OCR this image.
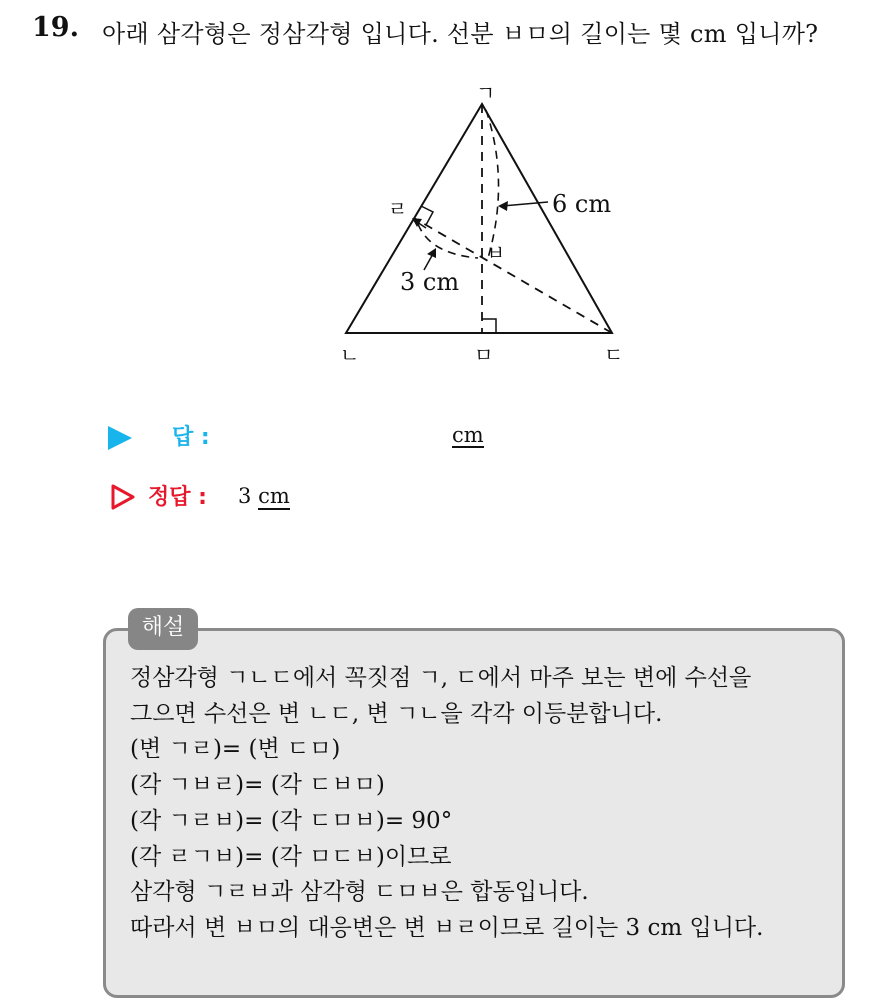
19. 아래 삼각형은 정삼각형 입니다. 선분 ㅂㅁ의 길이는 몇 cm 입니까?
ㄱ
ㄴ	ㄷ
ㄹ
ㅁ
ㅂ
6 cm
3 cm
답 :	cm
정답 : 3 cm
해설
정삼각형 ㄱㄴㄷ에서 꼭짓점 ㄱ, ㄷ에서 마주 보는 변에 수선을
그으면 수선은 변 ㄴㄷ, 변 ㄱㄴ을 각각 이등분합니다.
(변 ㄱㄹ)= (변 ㄷㅁ)
(각 ㄱㅂㄹ)= (각 ㄷㅂㅁ)
(각 ㄱㄹㅂ)= (각 ㄷㅁㅂ)= 90°
(각 ㄹㄱㅂ)= (각 ㅁㄷㅂ)이므로
삼각형 ㄱㄹㅂ과 삼각형 ㄷㅁㅂ은 합동입니다.
따라서 변 ㅂㅁ의 대응변은 변 ㅂㄹ이므로 길이는 3 cm 입니다.
